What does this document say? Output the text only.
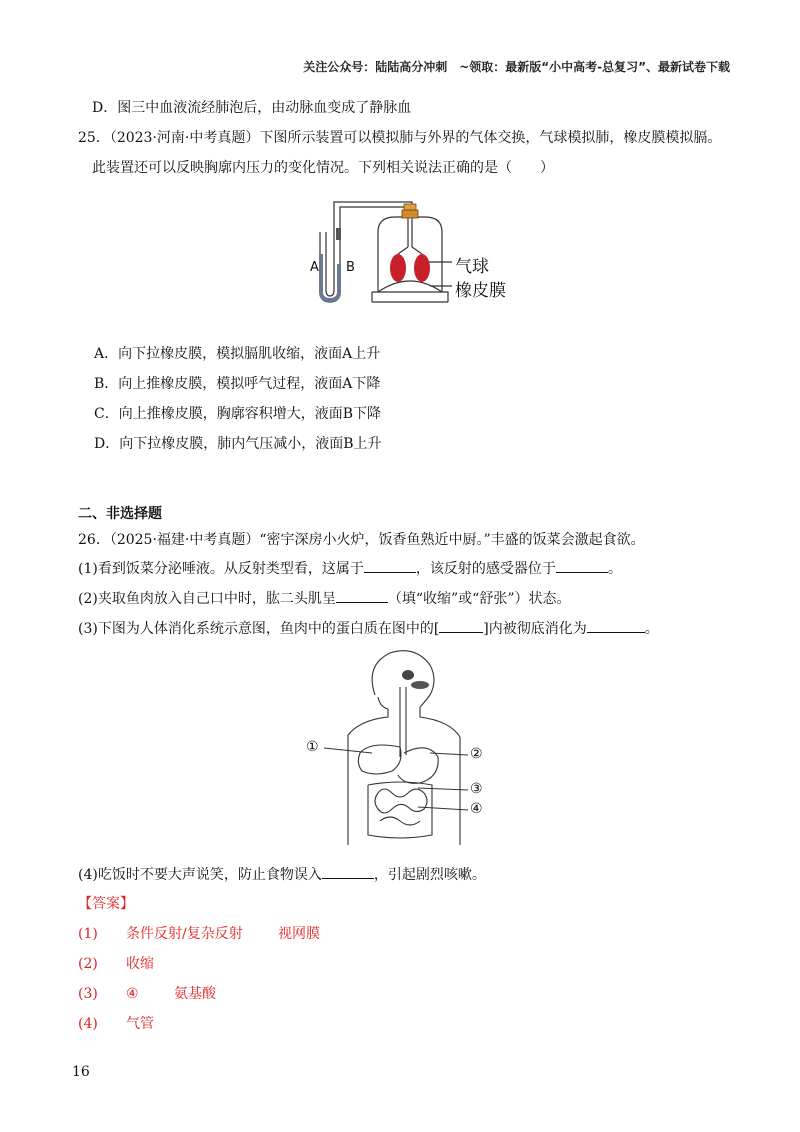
关注公众号：陆陆高分冲刺　~领取：最新版“小中高考-总复习”、最新试卷下载
D．图三中血液流经肺泡后，由动脉血变成了静脉血
25．（2023·河南·中考真题）下图所示装置可以模拟肺与外界的气体交换，气球模拟肺，橡皮膜模拟膈。
此装置还可以反映胸廓内压力的变化情况。下列相关说法正确的是（　　）
A B	气球
橡皮膜
A．向下拉橡皮膜，模拟膈肌收缩，液面A上升
B．向上推橡皮膜，模拟呼气过程，液面A下降
C．向上推橡皮膜，胸廓容积增大，液面B下降
D．向下拉橡皮膜，肺内气压减小，液面B上升
二、非选择题
26．（2025·福建·中考真题）“密宇深房小火炉，饭香鱼熟近中厨。”丰盛的饭菜会激起食欲。
(1)看到饭菜分泌唾液。从反射类型看，这属于	，该反射的感受器位于	。
(2)夹取鱼肉放入自己口中时，肱二头肌呈	（填“收缩”或“舒张”）状态。
(3)下图为人体消化系统示意图，鱼肉中的蛋白质在图中的[	]内被彻底消化为	。
①	②
③
④
(4)吃饭时不要大声说笑，防止食物误入	，引起剧烈咳嗽。
【答案】
(1) 条件反射/复杂反射	视网膜
(2) 收缩
(3) ④	氨基酸
(4) 气管
16
